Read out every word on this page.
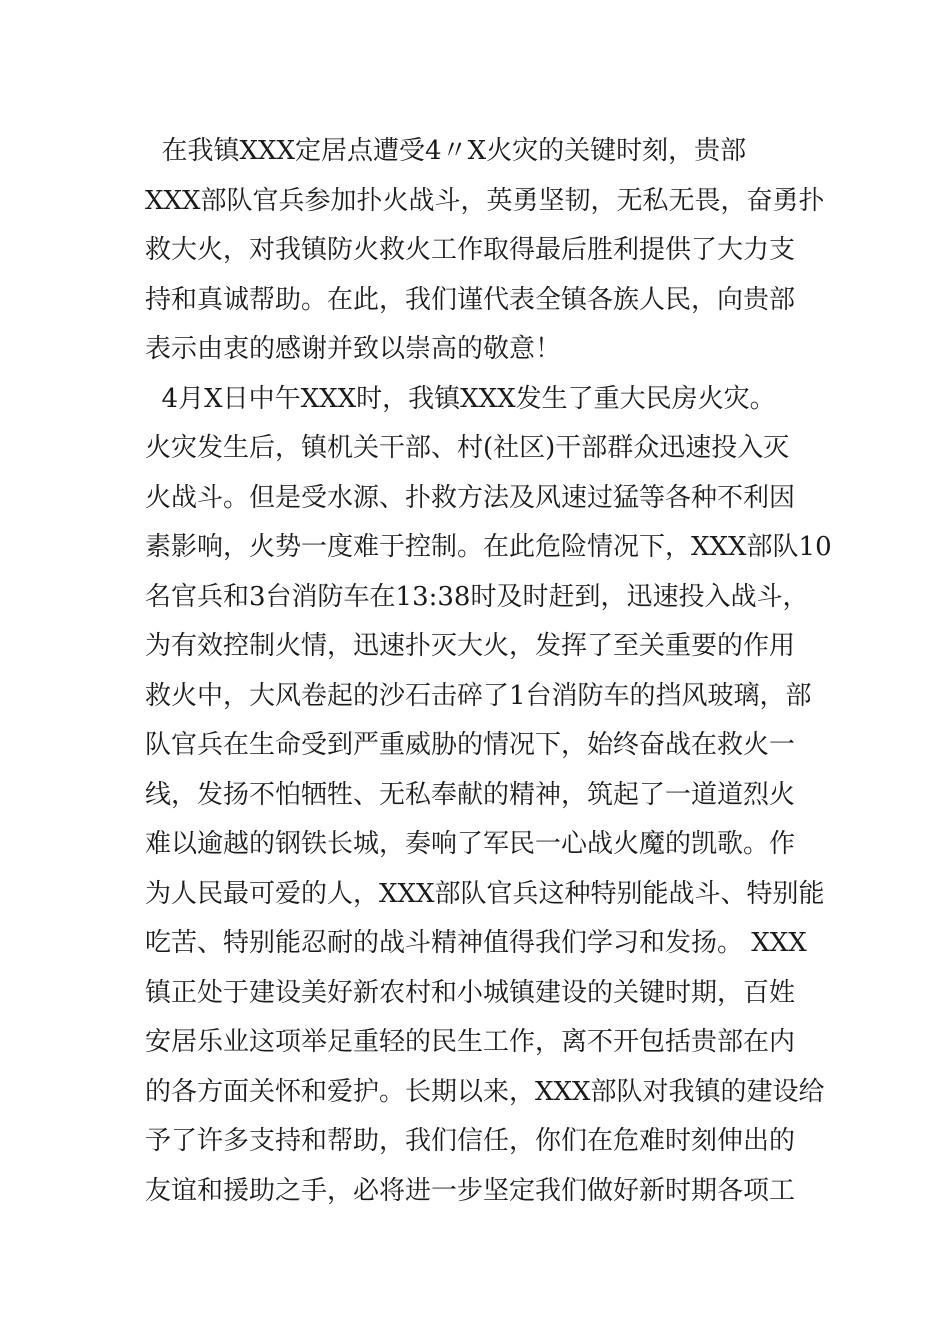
在我镇XXX定居点遭受4〃X火灾的关键时刻，贵部
XXX部队官兵参加扑火战斗，英勇坚韧，无私无畏，奋勇扑
救大火，对我镇防火救火工作取得最后胜利提供了大力支
持和真诚帮助。在此，我们谨代表全镇各族人民，向贵部
表示由衷的感谢并致以崇高的敬意！
4月X日中午XXX时，我镇XXX发生了重大民房火灾。
火灾发生后，镇机关干部、村(社区)干部群众迅速投入灭
火战斗。但是受水源、扑救方法及风速过猛等各种不利因
素影响，火势一度难于控制。在此危险情况下，XXX部队10
名官兵和3台消防车在13:38时及时赶到，迅速投入战斗，
为有效控制火情，迅速扑灭大火，发挥了至关重要的作用
救火中，大风卷起的沙石击碎了1台消防车的挡风玻璃，部
队官兵在生命受到严重威胁的情况下，始终奋战在救火一
线，发扬不怕牺牲、无私奉献的精神，筑起了一道道烈火
难以逾越的钢铁长城，奏响了军民一心战火魔的凯歌。作
为人民最可爱的人，XXX部队官兵这种特别能战斗、特别能
吃苦、特别能忍耐的战斗精神值得我们学习和发扬。 XXX
镇正处于建设美好新农村和小城镇建设的关键时期，百姓
安居乐业这项举足重轻的民生工作，离不开包括贵部在内
的各方面关怀和爱护。长期以来，XXX部队对我镇的建设给
予了许多支持和帮助，我们信任，你们在危难时刻伸出的
友谊和援助之手，必将进一步坚定我们做好新时期各项工
